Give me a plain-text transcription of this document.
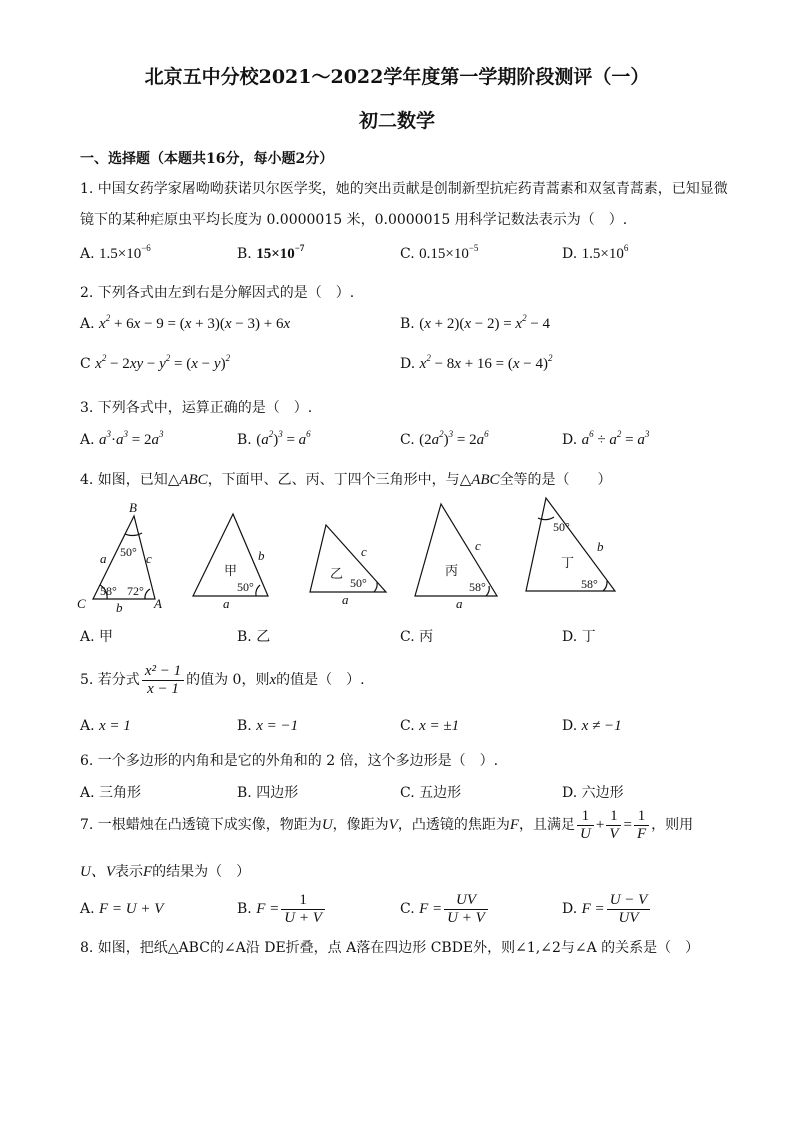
北京五中分校2021～2022学年度第一学期阶段测评（一）
初二数学
一、选择题（本题共16分，每小题2分）
1. 中国女药学家屠呦呦获诺贝尔医学奖，她的突出贡献是创制新型抗疟药青蒿素和双氢青蒿素，已知显微
镜下的某种疟原虫平均长度为 0.0000015 米，0.0000015 用科学记数法表示为（　）.
A. $1.5\times 10^{-6}$	B. $15\times 10^{-7}$	C. $0.15\times 10^{-5}$	D. $1.5\times 10^6$
2. 下列各式由左到右是分解因式的是（　）.
A. $x^2 + 6x - 9 = (x + 3)(x - 3) + 6x$	B. $(x + 2)(x - 2) = x^2 - 4$
C $x^2 - 2xy - y^2 = (x - y)^2$	D. $x^2 - 8x + 16 = (x - 4)^2$
3. 下列各式中，运算正确的是（　）.
A. $a^3\cdot a^3 = 2a^3$	B. $(a^2)^3 = a^6$	C. $(2a^2)^3 = 2a^6$	D. $a^6 \div a^2 = a^3$
4. 如图，已知△ABC，下面甲、乙、丙、丁四个三角形中，与△ABC全等的是（　　）
B
C	A
a	c
b
50°
58° 72°
甲
b
a
50°
乙
c
a
50°
丙
c
a
58°
50°
丁
b
58°
A. 甲	B. 乙	C. 丙	D. 丁
5. 若分式 $\frac{\text{x² − 1}}{x - 1}$ 的值为 0，则x的值是（　）.
A. x = 1	B. x = −1	C. x = ±1	D. x ≠ −1
6. 一个多边形的内角和是它的外角和的 2 倍，这个多边形是（　）.
A. 三角形	B. 四边形	C. 五边形	D. 六边形
7. 一根蜡烛在凸透镜下成实像，物距为U，像距为V，凸透镜的焦距为F，且满足 $\frac{1}{U} + \frac{1}{V} = \frac{1}{F}$ ，则用
U、V表示F的结果为（　）
A. F = U + V	B. $F = \frac{1}{U + V}$	C. $F = \frac{UV}{U + V}$	D. $F = \frac{U - V}{UV}$
8. 如图，把纸△ABC的∠A沿 DE折叠，点 A落在四边形 CBDE外，则∠1,∠2与∠A 的关系是（　）
